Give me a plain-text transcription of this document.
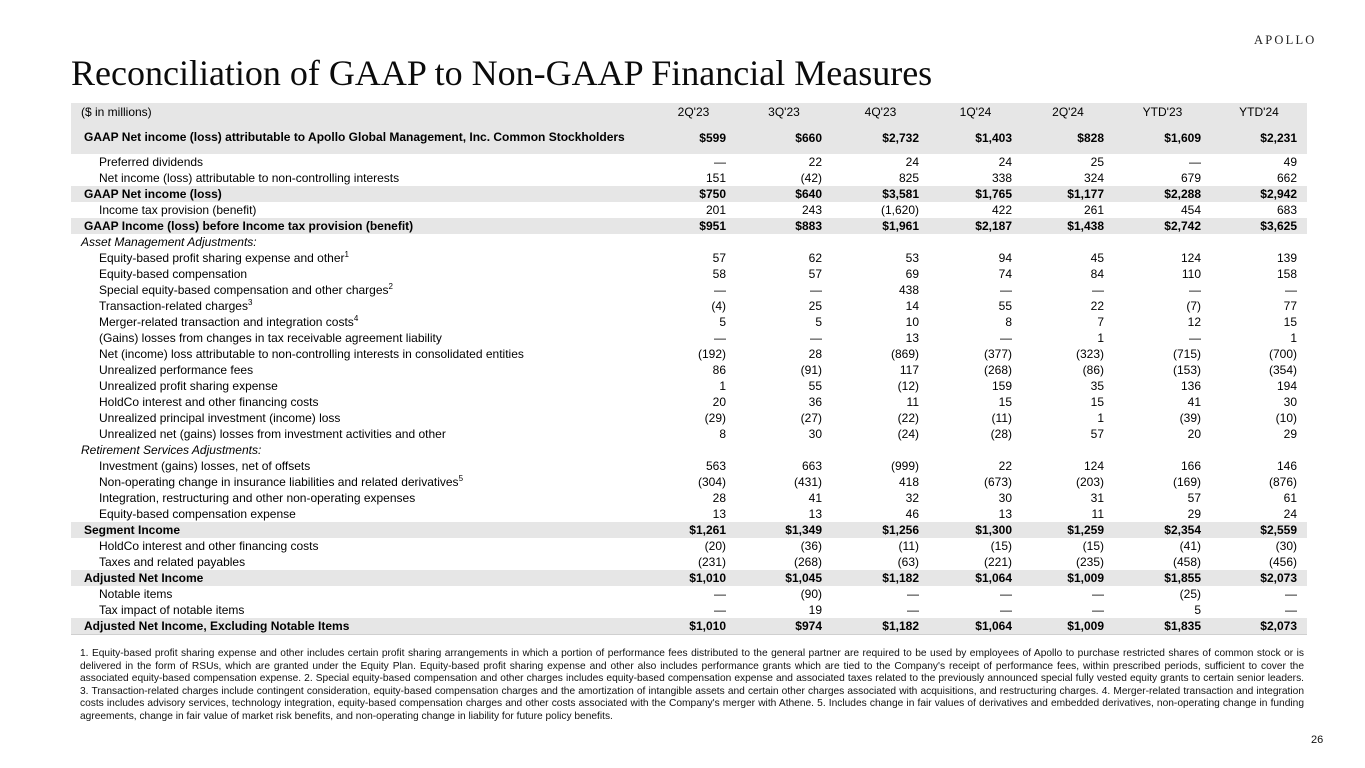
APOLLO
Reconciliation of GAAP to Non-GAAP Financial Measures
($ in millions)	2Q'23	3Q'23	4Q'23	1Q'24	2Q'24	YTD'23	YTD'24
GAAP Net income (loss) attributable to Apollo Global Management, Inc. Common Stockholders	$599	$660	$2,732	$1,403	$828	$1,609	$2,231
Preferred dividends	—	22	24	24	25	—	49
Net income (loss) attributable to non-controlling interests	151	(42)	825	338	324	679	662
GAAP Net income (loss)	$750	$640	$3,581	$1,765	$1,177	$2,288	$2,942
Income tax provision (benefit)	201	243	(1,620)	422	261	454	683
GAAP Income (loss) before Income tax provision (benefit)	$951	$883	$1,961	$2,187	$1,438	$2,742	$3,625
Asset Management Adjustments:							
Equity-based profit sharing expense and other$^1$	57	62	53	94	45	124	139
Equity-based compensation	58	57	69	74	84	110	158
Special equity-based compensation and other charges$^2$	—	—	438	—	—	—	—
Transaction-related charges$^3$	(4)	25	14	55	22	(7)	77
Merger-related transaction and integration costs$^4$	5	5	10	8	7	12	15
(Gains) losses from changes in tax receivable agreement liability	—	—	13	—	1	—	1
Net (income) loss attributable to non-controlling interests in consolidated entities	(192)	28	(869)	(377)	(323)	(715)	(700)
Unrealized performance fees	86	(91)	117	(268)	(86)	(153)	(354)
Unrealized profit sharing expense	1	55	(12)	159	35	136	194
HoldCo interest and other financing costs	20	36	11	15	15	41	30
Unrealized principal investment (income) loss	(29)	(27)	(22)	(11)	1	(39)	(10)
Unrealized net (gains) losses from investment activities and other	8	30	(24)	(28)	57	20	29
Retirement Services Adjustments:							
Investment (gains) losses, net of offsets	563	663	(999)	22	124	166	146
Non-operating change in insurance liabilities and related derivatives$^5$	(304)	(431)	418	(673)	(203)	(169)	(876)
Integration, restructuring and other non-operating expenses	28	41	32	30	31	57	61
Equity-based compensation expense	13	13	46	13	11	29	24
Segment Income	$1,261	$1,349	$1,256	$1,300	$1,259	$2,354	$2,559
HoldCo interest and other financing costs	(20)	(36)	(11)	(15)	(15)	(41)	(30)
Taxes and related payables	(231)	(268)	(63)	(221)	(235)	(458)	(456)
Adjusted Net Income	$1,010	$1,045	$1,182	$1,064	$1,009	$1,855	$2,073
Notable items	—	(90)	—	—	—	(25)	—
Tax impact of notable items	—	19	—	—	—	5	—
Adjusted Net Income, Excluding Notable Items	$1,010	$974	$1,182	$1,064	$1,009	$1,835	$2,073

1. Equity-based profit sharing expense and other includes certain profit sharing arrangements in which a portion of performance fees distributed to the general partner are required to be used by employees of Apollo to purchase restricted shares of common stock or is delivered in the form of RSUs, which are granted under the Equity Plan. Equity-based profit sharing expense and other also includes performance grants which are tied to the Company's receipt of performance fees, within prescribed periods, sufficient to cover the associated equity-based compensation expense. 2. Special equity-based compensation and other charges includes equity-based compensation expense and associated taxes related to the previously announced special fully vested equity grants to certain senior leaders. 3. Transaction-related charges include contingent consideration, equity-based compensation charges and the amortization of intangible assets and certain other charges associated with acquisitions, and restructuring charges. 4. Merger-related transaction and integration costs includes advisory services, technology integration, equity-based compensation charges and other costs associated with the Company's merger with Athene. 5. Includes change in fair values of derivatives and embedded derivatives, non-operating change in funding agreements, change in fair value of market risk benefits, and non-operating change in liability for future policy benefits.

26
